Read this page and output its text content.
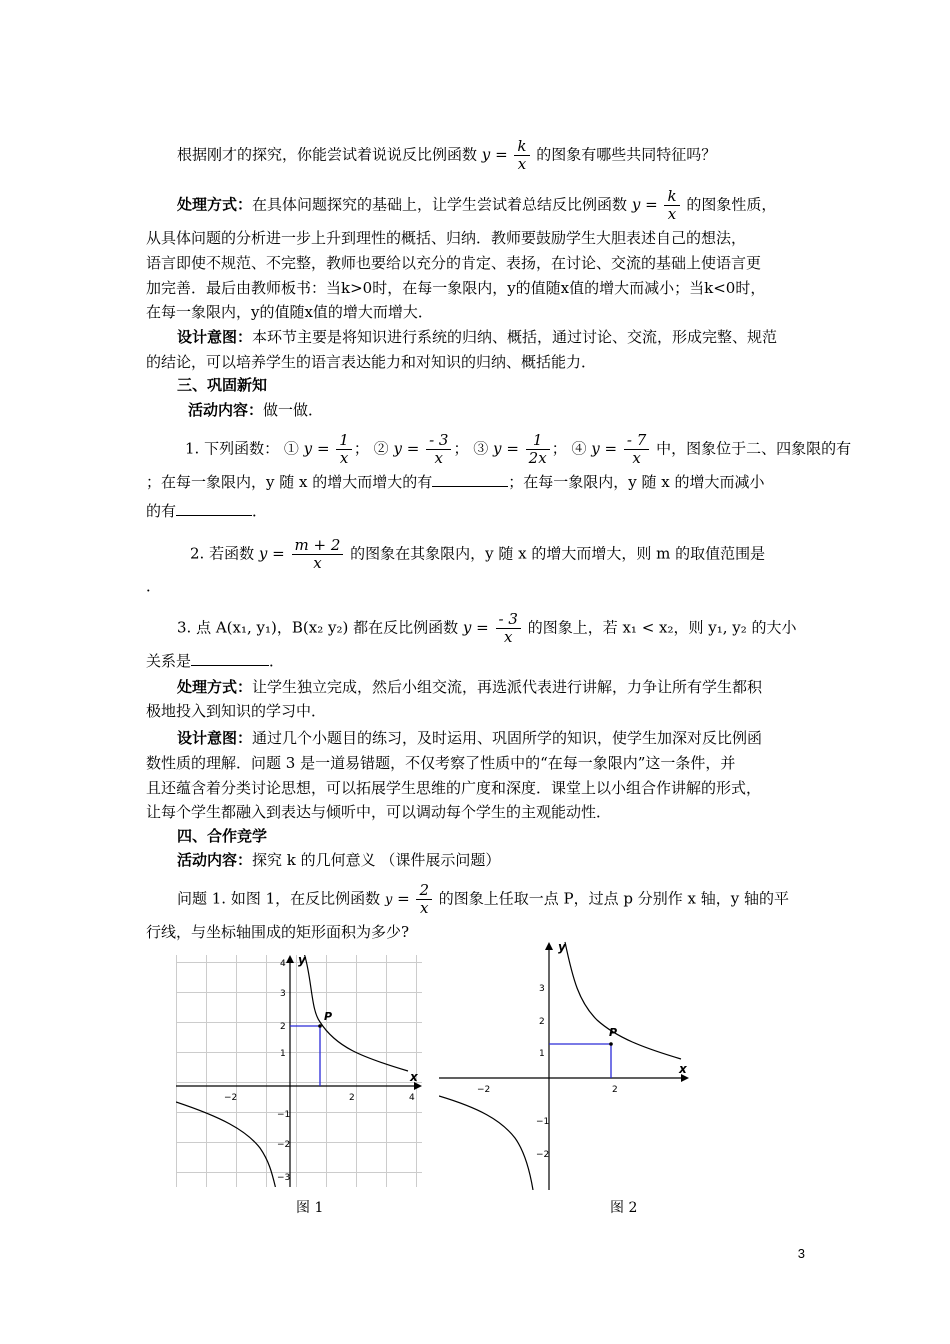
根据刚才的探究，你能尝试着说说反比例函数 $y = \frac{k}{x}$ 的图象有哪些共同特征吗？
处理方式：在具体问题探究的基础上，让学生尝试着总结反比例函数 $y = \frac{k}{x}$ 的图象性质，
从具体问题的分析进一步上升到理性的概括、归纳．教师要鼓励学生大胆表述自己的想法，
语言即使不规范、不完整，教师也要给以充分的肯定、表扬，在讨论、交流的基础上使语言更
加完善．最后由教师板书：当k>0时，在每一象限内，y的值随x值的增大而减小；当k<0时，
在每一象限内，y的值随x值的增大而增大．
设计意图：本环节主要是将知识进行系统的归纳、概括，通过讨论、交流，形成完整、规范
的结论，可以培养学生的语言表达能力和对知识的归纳、概括能力．
三、巩固新知
活动内容：做一做．
1. 下列函数： ① $y = \frac{1}{x}$ ； ② $y = \frac{- 3}{x}$ ； ③ $y = \frac{1}{2x}$ ； ④ $y = \frac{- 7}{x}$ 中，图象位于二、四象限的有
；在每一象限内，y 随 x 的增大而增大的有	；在每一象限内，y 随 x 的增大而减小
的有	．
2. 若函数 $y = \frac{m + 2}{x}$ 的图象在其象限内，y 随 x 的增大而增大，则 m 的取值范围是
．
3. 点 A(x₁, y₁)，B(x₂ y₂) 都在反比例函数 $y = \frac{- 3}{x}$ 的图象上，若 x₁ < x₂，则 y₁, y₂ 的大小
关系是	．
处理方式：让学生独立完成，然后小组交流，再选派代表进行讲解，力争让所有学生都积
极地投入到知识的学习中．
设计意图：通过几个小题目的练习，及时运用、巩固所学的知识，使学生加深对反比例函
数性质的理解．问题 3 是一道易错题，不仅考察了性质中的“在每一象限内”这一条件，并
且还蕴含着分类讨论思想，可以拓展学生思维的广度和深度．课堂上以小组合作讲解的形式，
让每个学生都融入到表达与倾听中，可以调动每个学生的主观能动性．
四、合作竞学
活动内容：探究 k 的几何意义 （课件展示问题）
问题 1. 如图 1，在反比例函数 $y = \frac{2}{x}$ 的图象上任取一点 P，过点 p 分别作 x 轴，y 轴的平
行线，与坐标轴围成的矩形面积为多少?
x
y
−2	2	4
4
3
2
1
−1
−2
−3
P
图 1
x
y
−2	2
3
2
1
−1
−2
P
图 2
3
